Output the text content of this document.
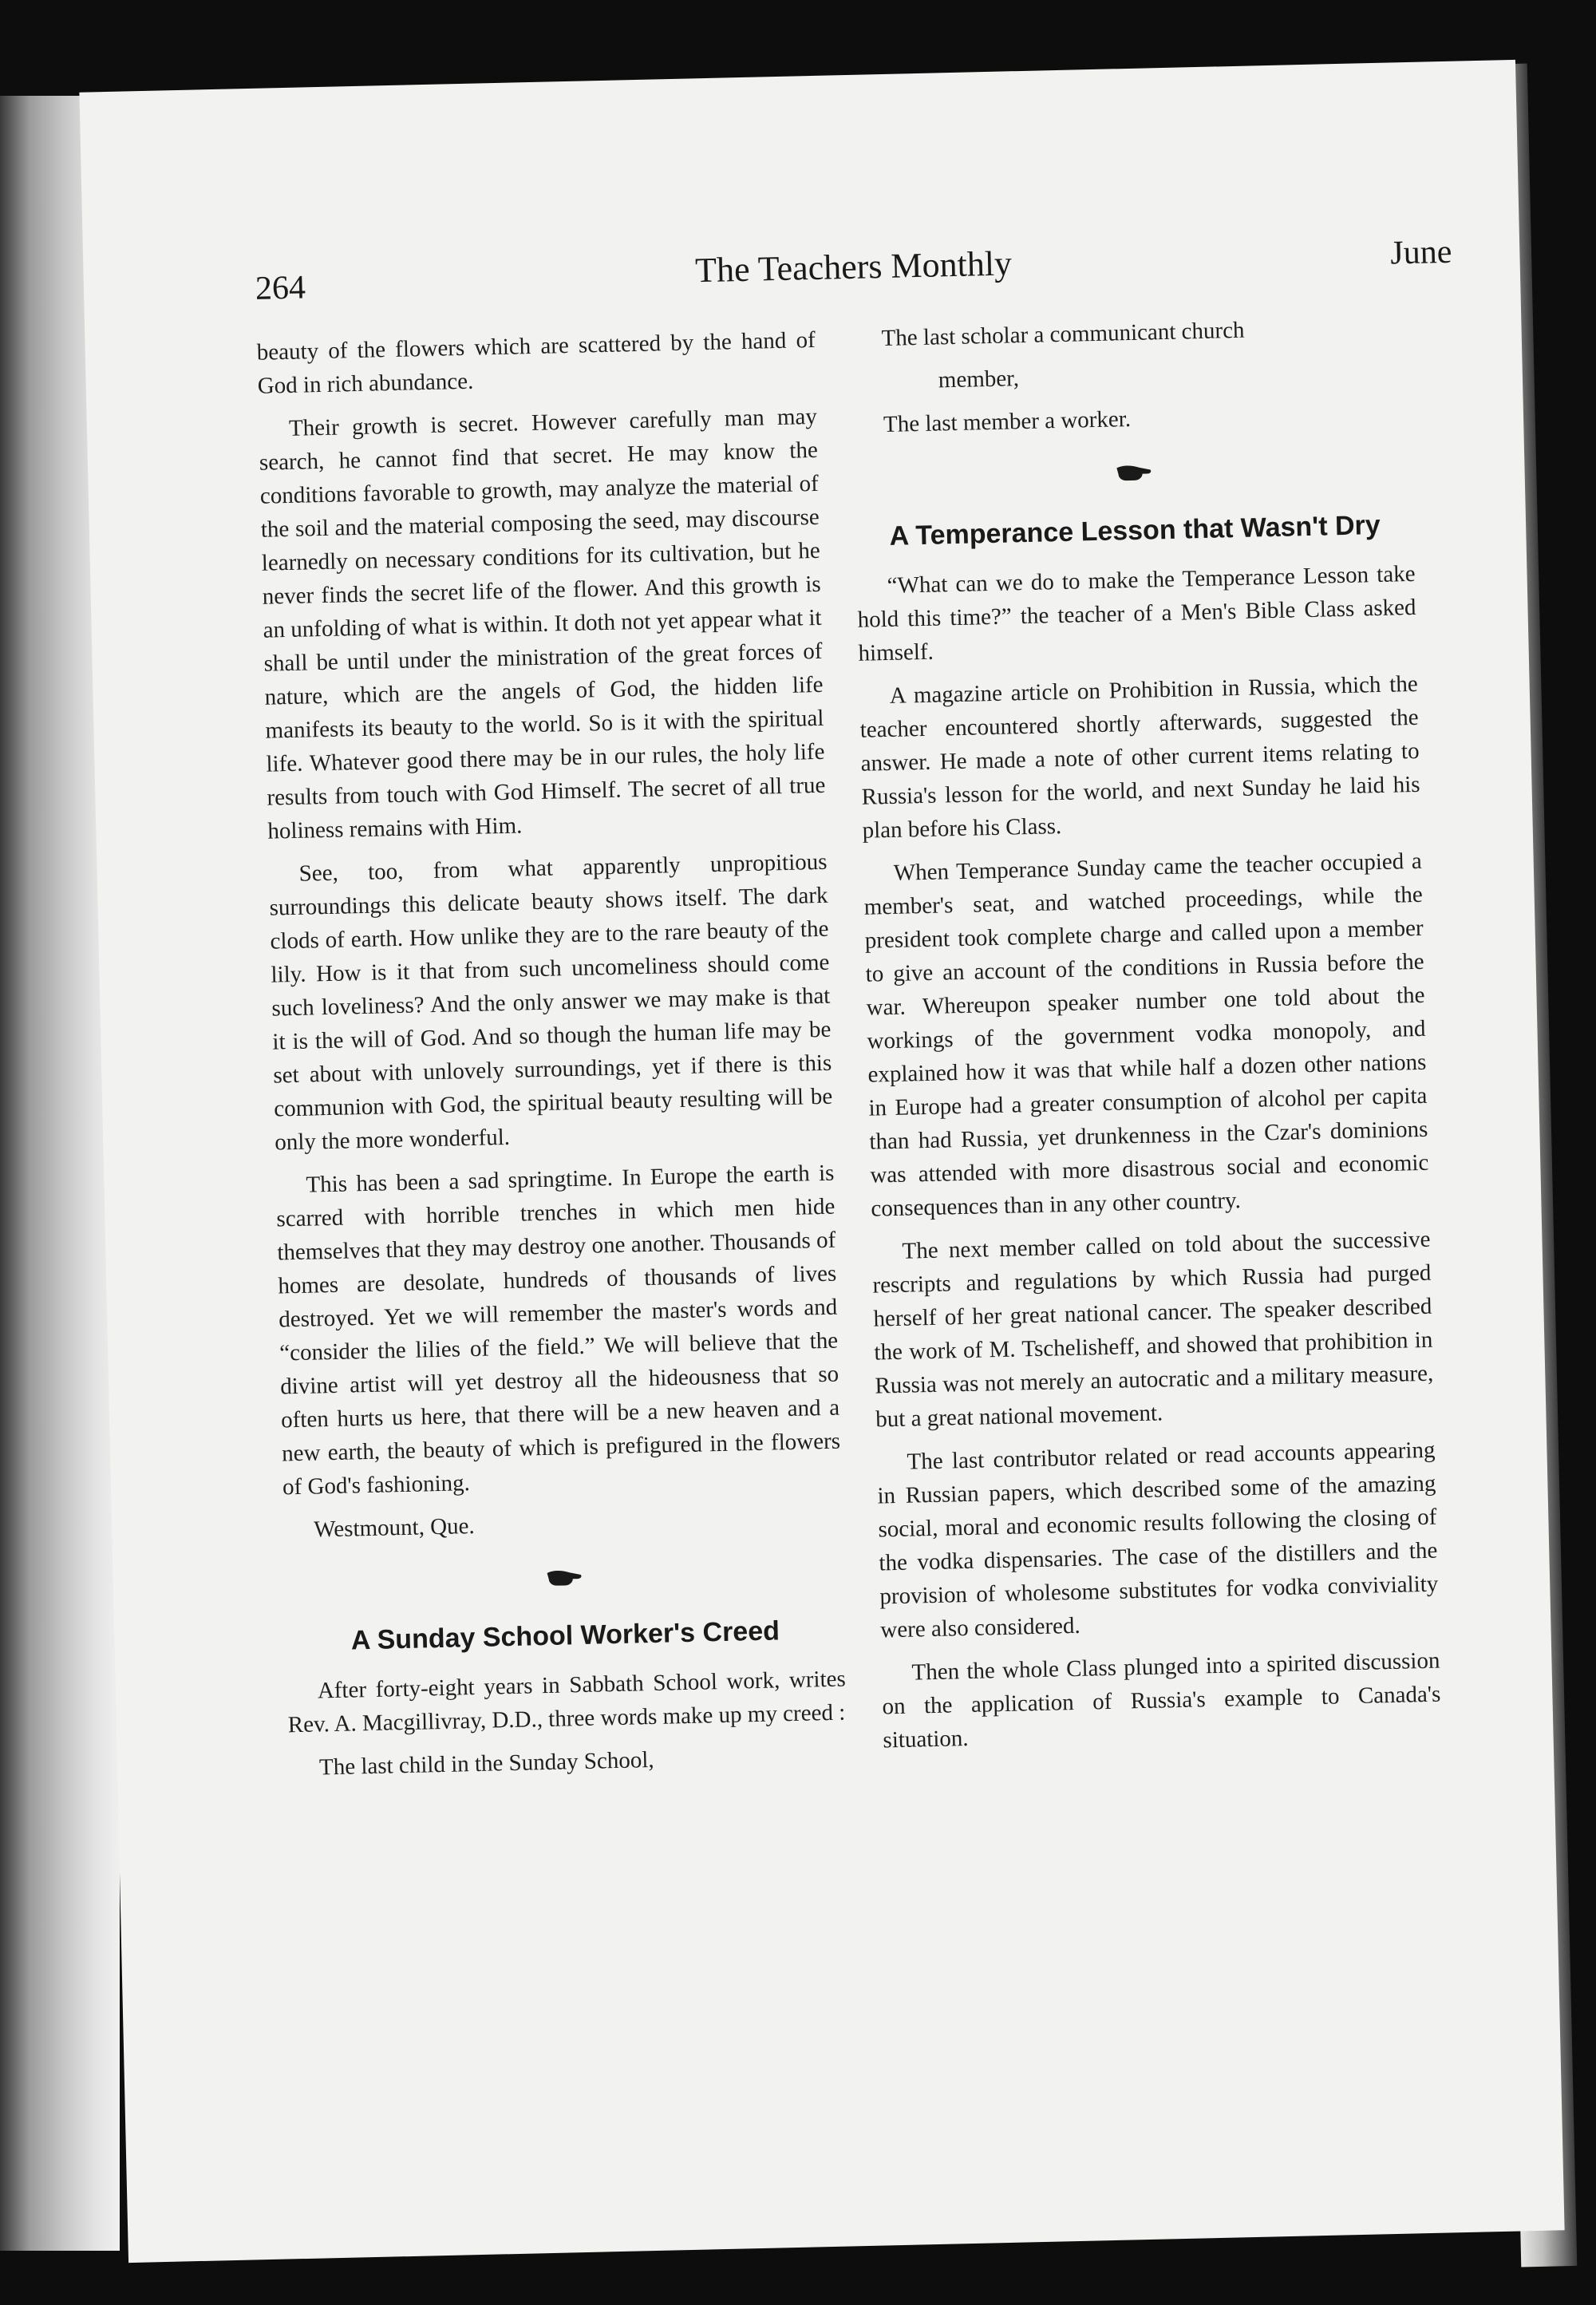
264	The Teachers Monthly	June

beauty of the flowers which are scattered by the hand of God in rich abundance.

Their growth is secret. However carefully man may search, he cannot find that secret. He may know the conditions favorable to growth, may analyze the material of the soil and the material composing the seed, may discourse learnedly on necessary conditions for its cultivation, but he never finds the secret life of the flower. And this growth is an unfolding of what is within. It doth not yet appear what it shall be until under the ministration of the great forces of nature, which are the angels of God, the hidden life manifests its beauty to the world. So is it with the spiritual life. Whatever good there may be in our rules, the holy life results from touch with God Himself. The secret of all true holiness remains with Him.

See, too, from what apparently unpropitious surroundings this delicate beauty shows itself. The dark clods of earth. How unlike they are to the rare beauty of the lily. How is it that from such uncomeliness should come such loveliness? And the only answer we may make is that it is the will of God. And so though the human life may be set about with unlovely surroundings, yet if there is this communion with God, the spiritual beauty resulting will be only the more wonderful.

This has been a sad springtime. In Europe the earth is scarred with horrible trenches in which men hide themselves that they may destroy one another. Thousands of homes are desolate, hundreds of thousands of lives destroyed. Yet we will remember the master's words and “consider the lilies of the field.” We will believe that the divine artist will yet destroy all the hideousness that so often hurts us here, that there will be a new heaven and a new earth, the beauty of which is prefigured in the flowers of God's fashioning.

Westmount, Que.

A Sunday School Worker's Creed

After forty-eight years in Sabbath School work, writes Rev. A. Macgillivray, D.D., three words make up my creed :

The last child in the Sunday School,

The last scholar a communicant church

member,

The last member a worker.

A Temperance Lesson that Wasn't Dry

“What can we do to make the Temperance Lesson take hold this time?” the teacher of a Men's Bible Class asked himself.

A magazine article on Prohibition in Russia, which the teacher encountered shortly afterwards, suggested the answer. He made a note of other current items relating to Russia's lesson for the world, and next Sunday he laid his plan before his Class.

When Temperance Sunday came the teacher occupied a member's seat, and watched proceedings, while the president took complete charge and called upon a member to give an account of the conditions in Russia before the war. Whereupon speaker number one told about the workings of the government vodka monopoly, and explained how it was that while half a dozen other nations in Europe had a greater consumption of alcohol per capita than had Russia, yet drunkenness in the Czar's dominions was attended with more disastrous social and economic consequences than in any other country.

The next member called on told about the successive rescripts and regulations by which Russia had purged herself of her great national cancer. The speaker described the work of M. Tschelisheff, and showed that prohibition in Russia was not merely an autocratic and a military measure, but a great national movement.

The last contributor related or read accounts appearing in Russian papers, which described some of the amazing social, moral and economic results following the closing of the vodka dispensaries. The case of the distillers and the provision of wholesome substitutes for vodka conviviality were also considered.

Then the whole Class plunged into a spirited discussion on the application of Russia's example to Canada's situation.
